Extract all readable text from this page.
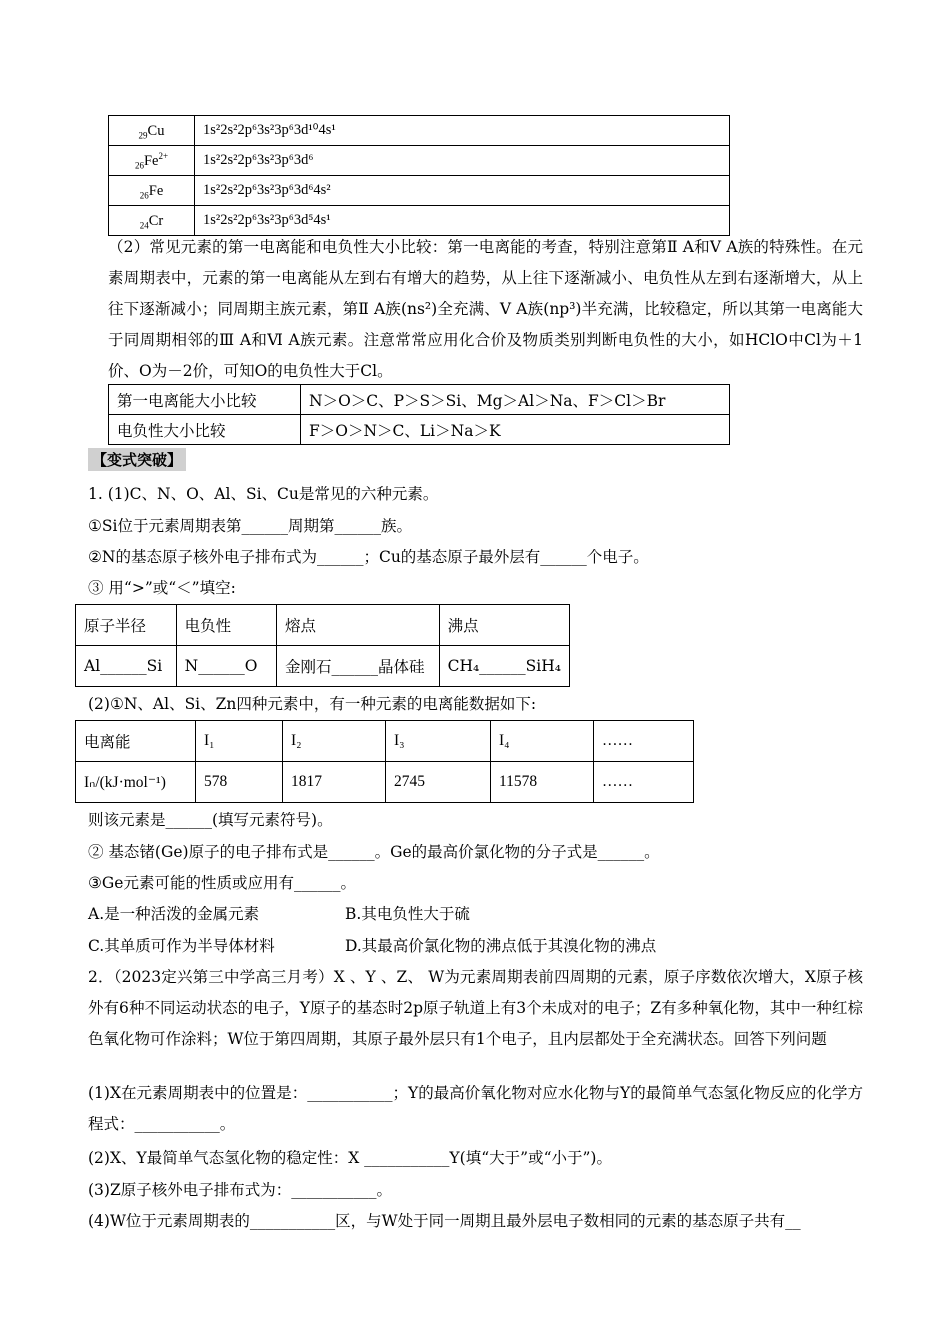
$_{29}$Cu	1s²2s²2p⁶3s²3p⁶3d¹⁰4s¹
$_{26}Fe^{2+}$	1s²2s²2p⁶3s²3p⁶3d⁶
$_{26}$Fe	1s²2s²2p⁶3s²3p⁶3d⁶4s²
$_{24}$Cr	1s²2s²2p⁶3s²3p⁶3d⁵4s¹
（2）常见元素的第一电离能和电负性大小比较：第一电离能的考查，特别注意第Ⅱ A和Ⅴ A族的特殊性。在元素周期表中，元素的第一电离能从左到右有增大的趋势，从上往下逐渐减小、电负性从左到右逐渐增大，从上往下逐渐减小；同周期主族元素，第Ⅱ A族(ns²)全充满、Ⅴ A族(np³)半充满，比较稳定，所以其第一电离能大于同周期相邻的Ⅲ A和Ⅵ A族元素。注意常常应用化合价及物质类别判断电负性的大小，如HClO中Cl为＋1价、O为－2价，可知O的电负性大于Cl。
第一电离能大小比较	N＞O＞C、P＞S＞Si、Mg＞Al＞Na、F＞Cl＞Br
电负性大小比较	F＞O＞N＞C、Li＞Na＞K
【变式突破】
1. (1)C、N、O、Al、Si、Cu是常见的六种元素。
①Si位于元素周期表第______周期第______族。
②N的基态原子核外电子排布式为______；Cu的基态原子最外层有______个电子。
③ 用“>”或“＜”填空:
原子半径	电负性	熔点	沸点
Al______Si	N______O	金刚石______晶体硅	CH₄______SiH₄
(2)①N、Al、Si、Zn四种元素中，有一种元素的电离能数据如下:
电离能	I₁	I₂	I₃	I₄	……
Iₙ/(kJ·mol⁻¹)	578	1817	2745	11578	……
则该元素是______(填写元素符号)。
② 基态锗(Ge)原子的电子排布式是______。Ge的最高价氯化物的分子式是______。
③Ge元素可能的性质或应用有______。
A.是一种活泼的金属元素	B.其电负性大于硫
C.其单质可作为半导体材料	D.其最高价氯化物的沸点低于其溴化物的沸点
2．（2023定兴第三中学高三月考）X 、Y 、Z、 W为元素周期表前四周期的元素，原子序数依次增大，X原子核外有6种不同运动状态的电子，Y原子的基态时2p原子轨道上有3个未成对的电子；Z有多种氧化物，其中一种红棕色氧化物可作涂料；W位于第四周期，其原子最外层只有1个电子，且内层都处于全充满状态。回答下列问题
(1)X在元素周期表中的位置是：___________；Y的最高价氧化物对应水化物与Y的最简单气态氢化物反应的化学方程式：___________。
(2)X、Y最简单气态氢化物的稳定性：X ___________Y(填“大于”或“小于”)。
(3)Z原子核外电子排布式为：___________。
(4)W位于元素周期表的___________区，与W处于同一周期且最外层电子数相同的元素的基态原子共有__
